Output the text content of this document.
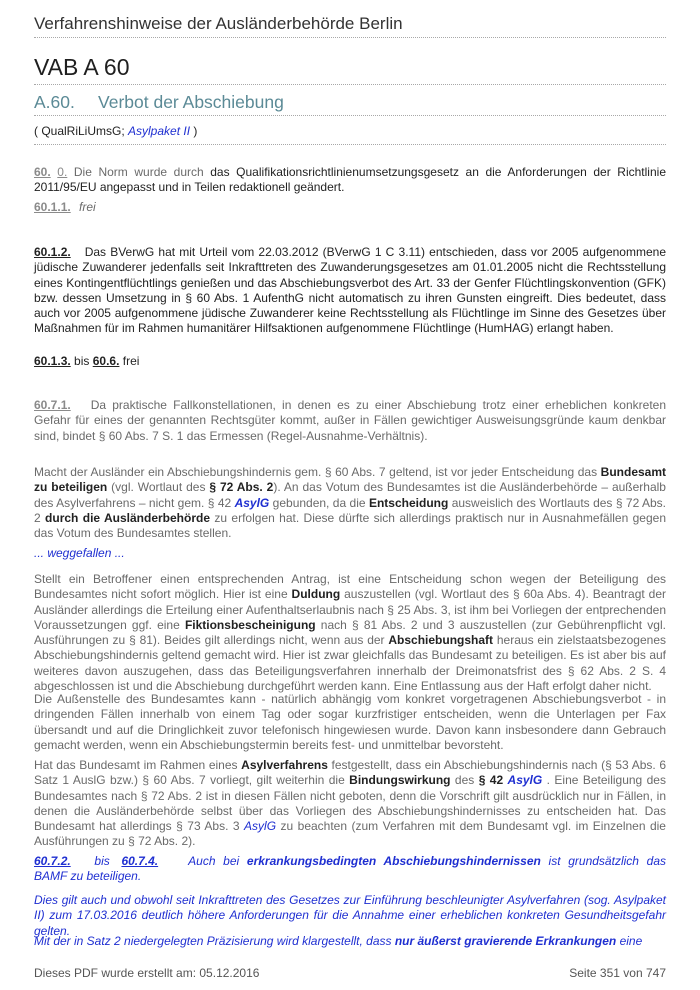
Verfahrenshinweise der Ausländerbehörde Berlin
VAB A 60
A.60. Verbot der Abschiebung
( QualRiLiUmsG; Asylpaket II )
60. 0. Die Norm wurde durch das Qualifikationsrichtlinienumsetzungsgesetz an die Anforderungen der Richtlinie 2011/95/EU angepasst und in Teilen redaktionell geändert.
60.1.1. frei
60.1.2. Das BVerwG hat mit Urteil vom 22.03.2012 (BVerwG 1 C 3.11) entschieden, dass vor 2005 aufgenommene jüdische Zuwanderer jedenfalls seit Inkrafttreten des Zuwanderungsgesetzes am 01.01.2005 nicht die Rechtsstellung eines Kontingentflüchtlings genießen und das Abschiebungsverbot des Art. 33 der Genfer Flüchtlingskonvention (GFK) bzw. dessen Umsetzung in § 60 Abs. 1 AufenthG nicht automatisch zu ihren Gunsten eingreift. Dies bedeutet, dass auch vor 2005 aufgenommene jüdische Zuwanderer keine Rechtsstellung als Flüchtlinge im Sinne des Gesetzes über Maßnahmen für im Rahmen humanitärer Hilfsaktionen aufgenommene Flüchtlinge (HumHAG) erlangt haben.
60.1.3. bis 60.6. frei
60.7.1. Da praktische Fallkonstellationen, in denen es zu einer Abschiebung trotz einer erheblichen konkreten Gefahr für eines der genannten Rechtsgüter kommt, außer in Fällen gewichtiger Ausweisungsgründe kaum denkbar sind, bindet § 60 Abs. 7 S. 1 das Ermessen (Regel-Ausnahme-Verhältnis).
Macht der Ausländer ein Abschiebungshindernis gem. § 60 Abs. 7 geltend, ist vor jeder Entscheidung das Bundesamt zu beteiligen (vgl. Wortlaut des § 72 Abs. 2). An das Votum des Bundesamtes ist die Ausländerbehörde – außerhalb des Asylverfahrens – nicht gem. § 42 AsylG gebunden, da die Entscheidung ausweislich des Wortlauts des § 72 Abs. 2 durch die Ausländerbehörde zu erfolgen hat. Diese dürfte sich allerdings praktisch nur in Ausnahmefällen gegen das Votum des Bundesamtes stellen.
... weggefallen ...
Stellt ein Betroffener einen entsprechenden Antrag, ist eine Entscheidung schon wegen der Beteiligung des Bundesamtes nicht sofort möglich. Hier ist eine Duldung auszustellen (vgl. Wortlaut des § 60a Abs. 4). Beantragt der Ausländer allerdings die Erteilung einer Aufenthaltserlaubnis nach § 25 Abs. 3, ist ihm bei Vorliegen der entprechenden Voraussetzungen ggf. eine Fiktionsbescheinigung nach § 81 Abs. 2 und 3 auszustellen (zur Gebührenpflicht vgl. Ausführungen zu § 81). Beides gilt allerdings nicht, wenn aus der Abschiebungshaft heraus ein zielstaatsbezogenes Abschiebungshindernis geltend gemacht wird. Hier ist zwar gleichfalls das Bundesamt zu beteiligen. Es ist aber bis auf weiteres davon auszugehen, dass das Beteiligungsverfahren innerhalb der Dreimonatsfrist des § 62 Abs. 2 S. 4 abgeschlossen ist und die Abschiebung durchgeführt werden kann. Eine Entlassung aus der Haft erfolgt daher nicht.
Die Außenstelle des Bundesamtes kann - natürlich abhängig vom konkret vorgetragenen Abschiebungsverbot - in dringenden Fällen innerhalb von einem Tag oder sogar kurzfristiger entscheiden, wenn die Unterlagen per Fax übersandt und auf die Dringlichkeit zuvor telefonisch hingewiesen wurde. Davon kann insbesondere dann Gebrauch gemacht werden, wenn ein Abschiebungstermin bereits fest- und unmittelbar bevorsteht.
Hat das Bundesamt im Rahmen eines Asylverfahrens festgestellt, dass ein Abschiebungshindernis nach (§ 53 Abs. 6 Satz 1 AuslG bzw.) § 60 Abs. 7 vorliegt, gilt weiterhin die Bindungswirkung des § 42 AsylG . Eine Beteiligung des Bundesamtes nach § 72 Abs. 2 ist in diesen Fällen nicht geboten, denn die Vorschrift gilt ausdrücklich nur in Fällen, in denen die Ausländerbehörde selbst über das Vorliegen des Abschiebungshindernisses zu entscheiden hat. Das Bundesamt hat allerdings § 73 Abs. 3 AsylG zu beachten (zum Verfahren mit dem Bundesamt vgl. im Einzelnen die Ausführungen zu § 72 Abs. 2).
60.7.2. bis 60.7.4.	Auch bei erkrankungsbedingten Abschiebungshindernissen ist grundsätzlich das BAMF zu beteiligen.
Dies gilt auch und obwohl seit Inkrafttreten des Gesetzes zur Einführung beschleunigter Asylverfahren (sog. Asylpaket II) zum 17.03.2016 deutlich höhere Anforderungen für die Annahme einer erheblichen konkreten Gesundheitsgefahr gelten.
Mit der in Satz 2 niedergelegten Präzisierung wird klargestellt, dass nur äußerst gravierende Erkrankungen eine
Dieses PDF wurde erstellt am: 05.12.2016	Seite 351 von 747
